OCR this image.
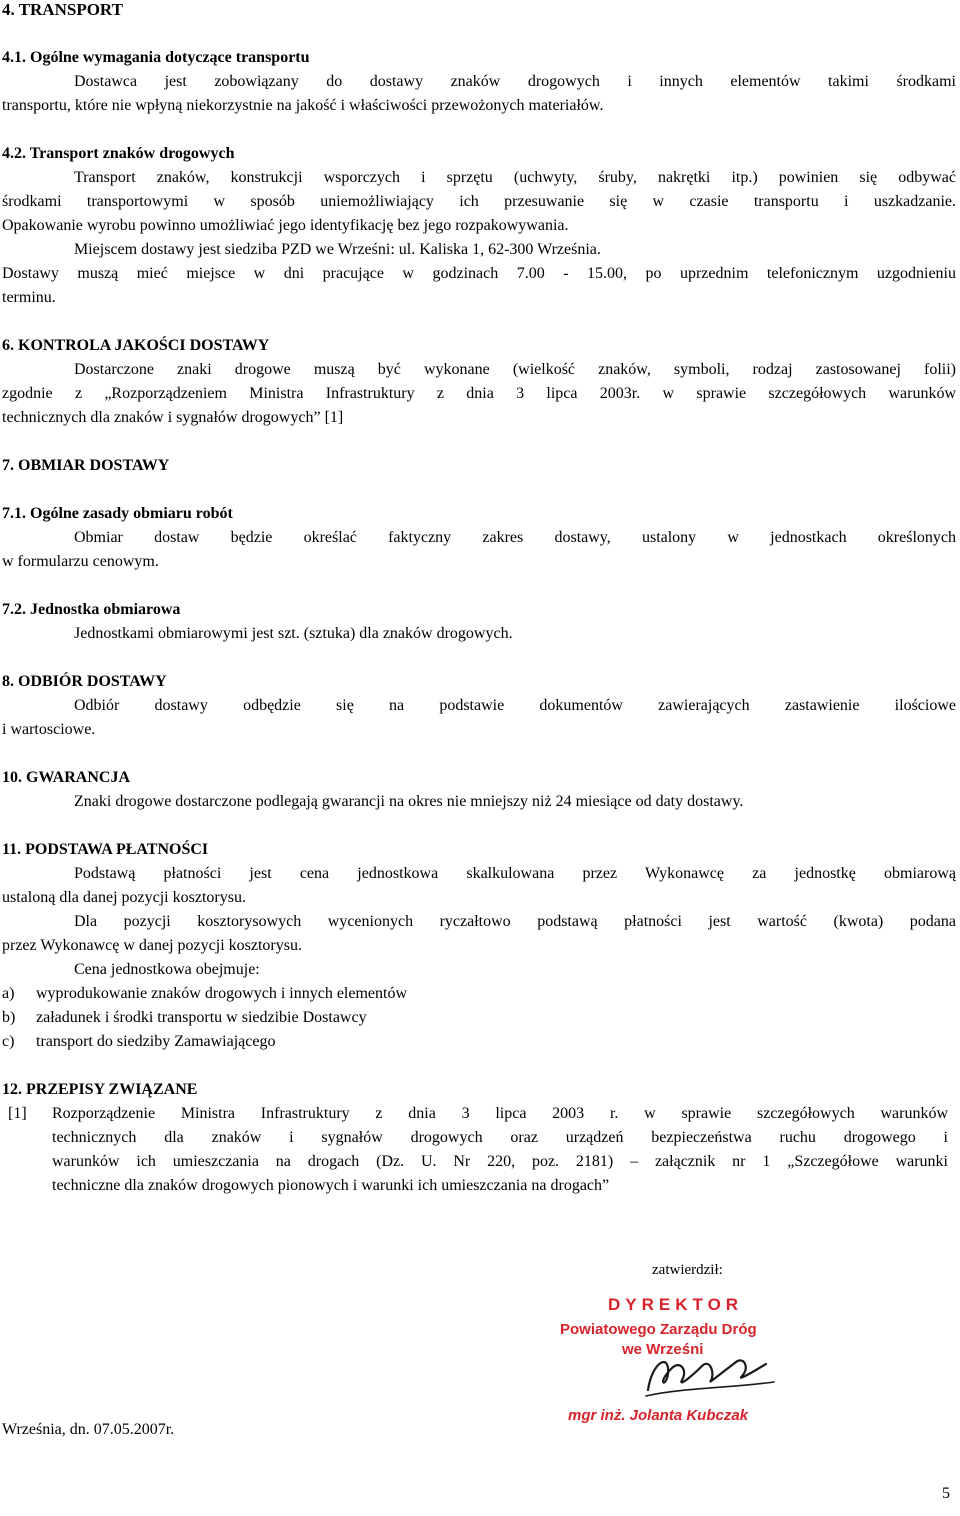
4. TRANSPORT
4.1. Ogólne wymagania dotyczące transportu
Dostawca jest zobowiązany do dostawy znaków drogowych i innych elementów takimi środkami
transportu, które nie wpłyną niekorzystnie na jakość i właściwości przewożonych materiałów.
4.2. Transport znaków drogowych
Transport znaków, konstrukcji wsporczych i sprzętu (uchwyty, śruby, nakrętki itp.) powinien się odbywać
środkami transportowymi w sposób uniemożliwiający ich przesuwanie się w czasie transportu i uszkadzanie.
Opakowanie wyrobu powinno umożliwiać jego identyfikację bez jego rozpakowywania.
Miejscem dostawy jest siedziba PZD we Wrześni: ul. Kaliska 1, 62-300 Września.
Dostawy muszą mieć miejsce w dni pracujące w godzinach 7.00 - 15.00, po uprzednim telefonicznym uzgodnieniu
terminu.
6. KONTROLA JAKOŚCI DOSTAWY
Dostarczone znaki drogowe muszą być wykonane (wielkość znaków, symboli, rodzaj zastosowanej folii)
zgodnie z „Rozporządzeniem Ministra Infrastruktury z dnia 3 lipca 2003r. w sprawie szczegółowych warunków
technicznych dla znaków i sygnałów drogowych” [1]
7. OBMIAR DOSTAWY
7.1. Ogólne zasady obmiaru robót
Obmiar dostaw będzie określać faktyczny zakres dostawy, ustalony w jednostkach określonych
w formularzu cenowym.
7.2. Jednostka obmiarowa
Jednostkami obmiarowymi jest szt. (sztuka) dla znaków drogowych.
8. ODBIÓR DOSTAWY
Odbiór dostawy odbędzie się na podstawie dokumentów zawierających zastawienie ilościowe
i wartosciowe.
10. GWARANCJA
Znaki drogowe dostarczone podlegają gwarancji na okres nie mniejszy niż 24 miesiące od daty dostawy.
11. PODSTAWA PŁATNOŚCI
Podstawą płatności jest cena jednostkowa skalkulowana przez Wykonawcę za jednostkę obmiarową
ustaloną dla danej pozycji kosztorysu.
Dla pozycji kosztorysowych wycenionych ryczałtowo podstawą płatności jest wartość (kwota) podana
przez Wykonawcę w danej pozycji kosztorysu.
Cena jednostkowa obejmuje:
a) wyprodukowanie znaków drogowych i innych elementów
b) załadunek i środki transportu w siedzibie Dostawcy
c) transport do siedziby Zamawiającego
12. PRZEPISY ZWIĄZANE
[1] Rozporządzenie Ministra Infrastruktury z dnia 3 lipca 2003 r. w sprawie szczegółowych warunków
technicznych dla znaków i sygnałów drogowych oraz urządzeń bezpieczeństwa ruchu drogowego i
warunków ich umieszczania na drogach (Dz. U. Nr 220, poz. 2181) – załącznik nr 1 „Szczegółowe warunki
techniczne dla znaków drogowych pionowych i warunki ich umieszczania na drogach”
zatwierdził:
DYREKTOR
Powiatowego Zarządu Dróg
we Wrześni
mgr inż. Jolanta Kubczak
Września, dn. 07.05.2007r.
5
